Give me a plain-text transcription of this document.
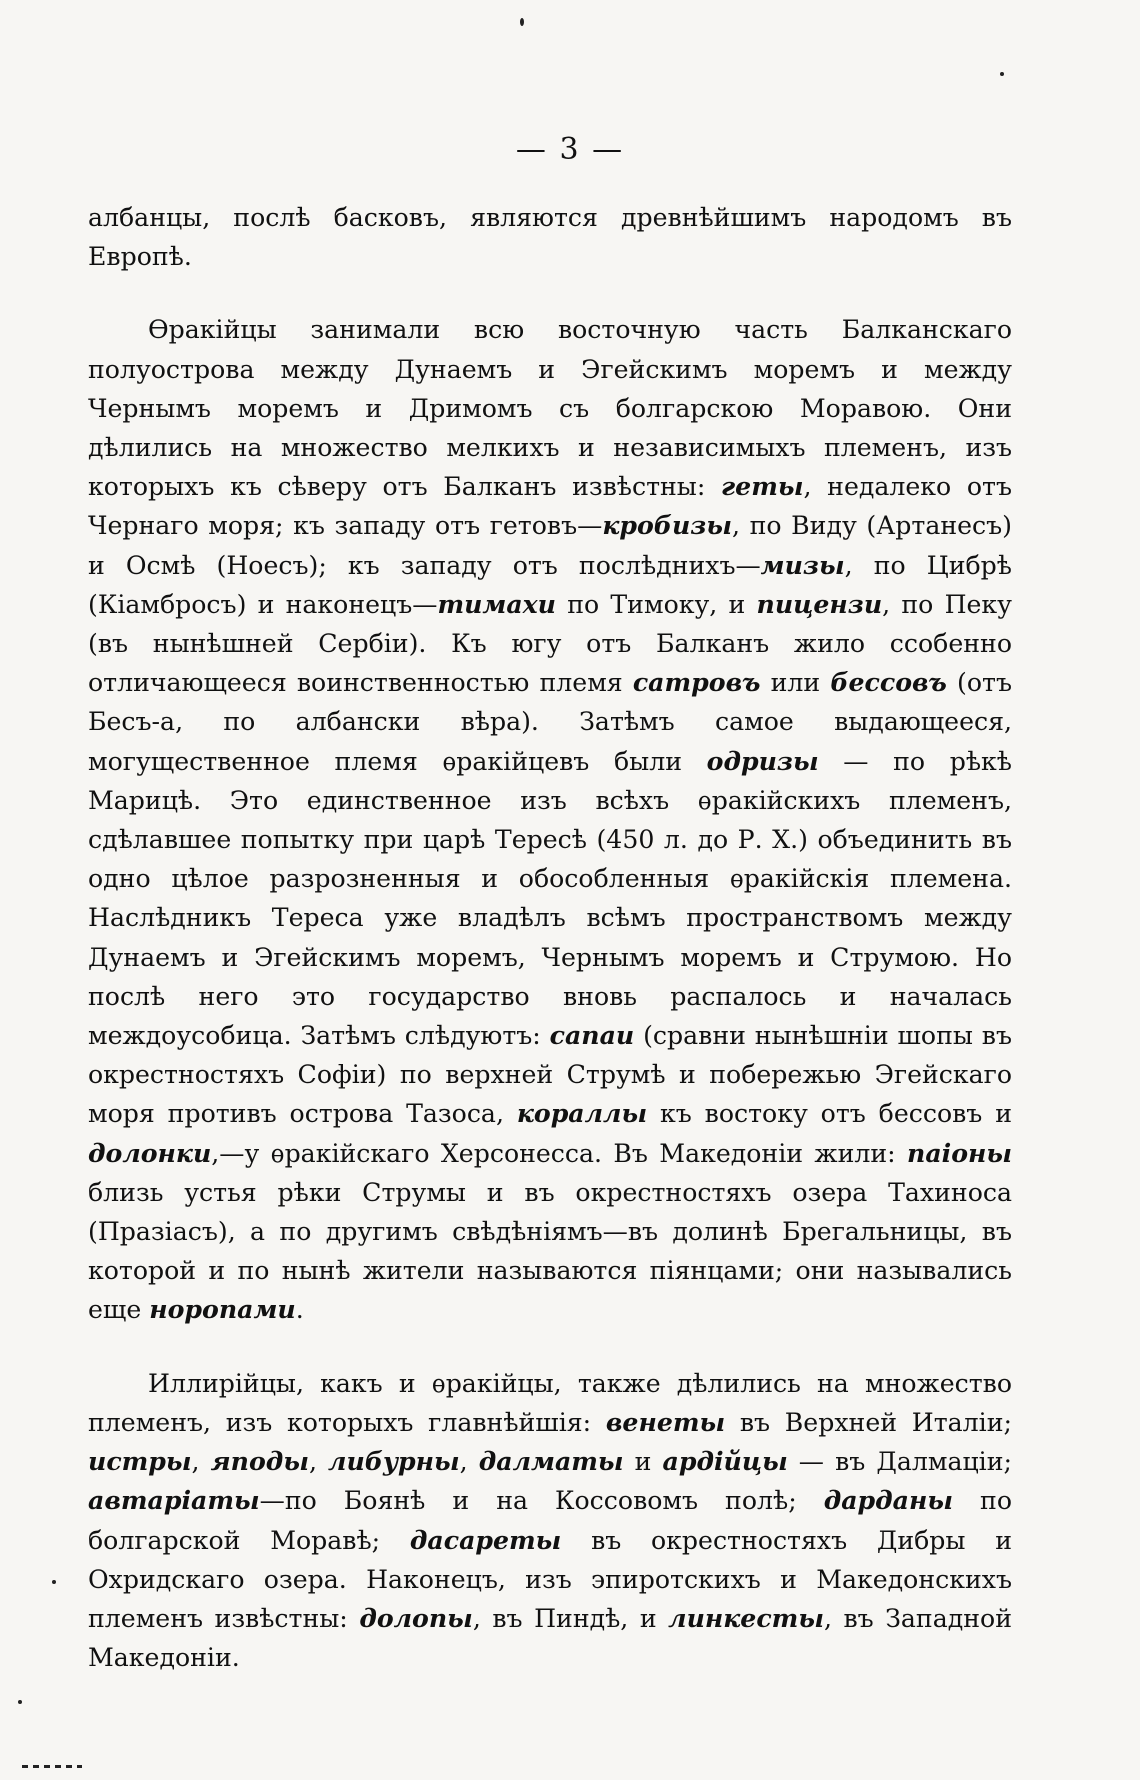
— 3 —

албанцы, послѣ басковъ, являются древнѣйшимъ народомъ въ Европѣ.

Ѳракійцы занимали всю восточную часть Балканскаго полуострова между Дунаемъ и Эгейскимъ моремъ и между Чернымъ моремъ и Дримомъ съ болгарскою Моравою. Они дѣлились на множество мелкихъ и независимыхъ племенъ, изъ которыхъ къ сѣверу отъ Балканъ извѣстны: геты, недалеко отъ Чернаго моря; къ западу отъ гетовъ—кробизы, по Виду (Артанесъ) и Осмѣ (Ноесъ); къ западу отъ послѣднихъ—мизы, по Цибрѣ (Кіамбросъ) и наконецъ—тимахи по Тимоку, и пицензи, по Пеку (въ нынѣшней Сербіи). Къ югу отъ Балканъ жило ссобенно отличающееся воинственностью племя сатровъ или бессовъ (отъ Бесъ-а, по албански вѣра). Затѣмъ самое выдающееся, могущественное племя ѳракійцевъ были одризы — по рѣкѣ Марицѣ. Это единственное изъ всѣхъ ѳракійскихъ племенъ, сдѣлавшее попытку при царѣ Тересѣ (450 л. до Р. Х.) объединить въ одно цѣлое разрозненныя и обособленныя ѳракійскія племена. Наслѣдникъ Тереса уже владѣлъ всѣмъ пространствомъ между Дунаемъ и Эгейскимъ моремъ, Чернымъ моремъ и Струмою. Но послѣ него это государство вновь распалось и началась междоусобица. Затѣмъ слѣдуютъ: сапаи (сравни нынѣшніи шопы въ окрестностяхъ Софіи) по верхней Струмѣ и побережью Эгейскаго моря противъ острова Тазоса, кораллы къ востоку отъ бессовъ и долонки,—у ѳракійскаго Херсонесса. Въ Македоніи жили: паіоны близь устья рѣки Струмы и въ окрестностяхъ озера Тахиноса (Празіасъ), а по другимъ свѣдѣніямъ—въ долинѣ Брегальницы, въ которой и по нынѣ жители называются піянцами; они назывались еще норопами.

Иллирійцы, какъ и ѳракійцы, также дѣлились на множество племенъ, изъ которыхъ главнѣйшія: венеты въ Верхней Италіи; истры, яподы, либурны, далматы и ардійцы — въ Далмаціи; автаріаты—по Боянѣ и на Коссовомъ полѣ; дарданы по болгарской Моравѣ; дасареты въ окрестностяхъ Дибры и Охридскаго озера. Наконецъ, изъ эпиротскихъ и Македонскихъ племенъ извѣстны: долопы, въ Пиндѣ, и линкесты, въ Западной Македоніи.
